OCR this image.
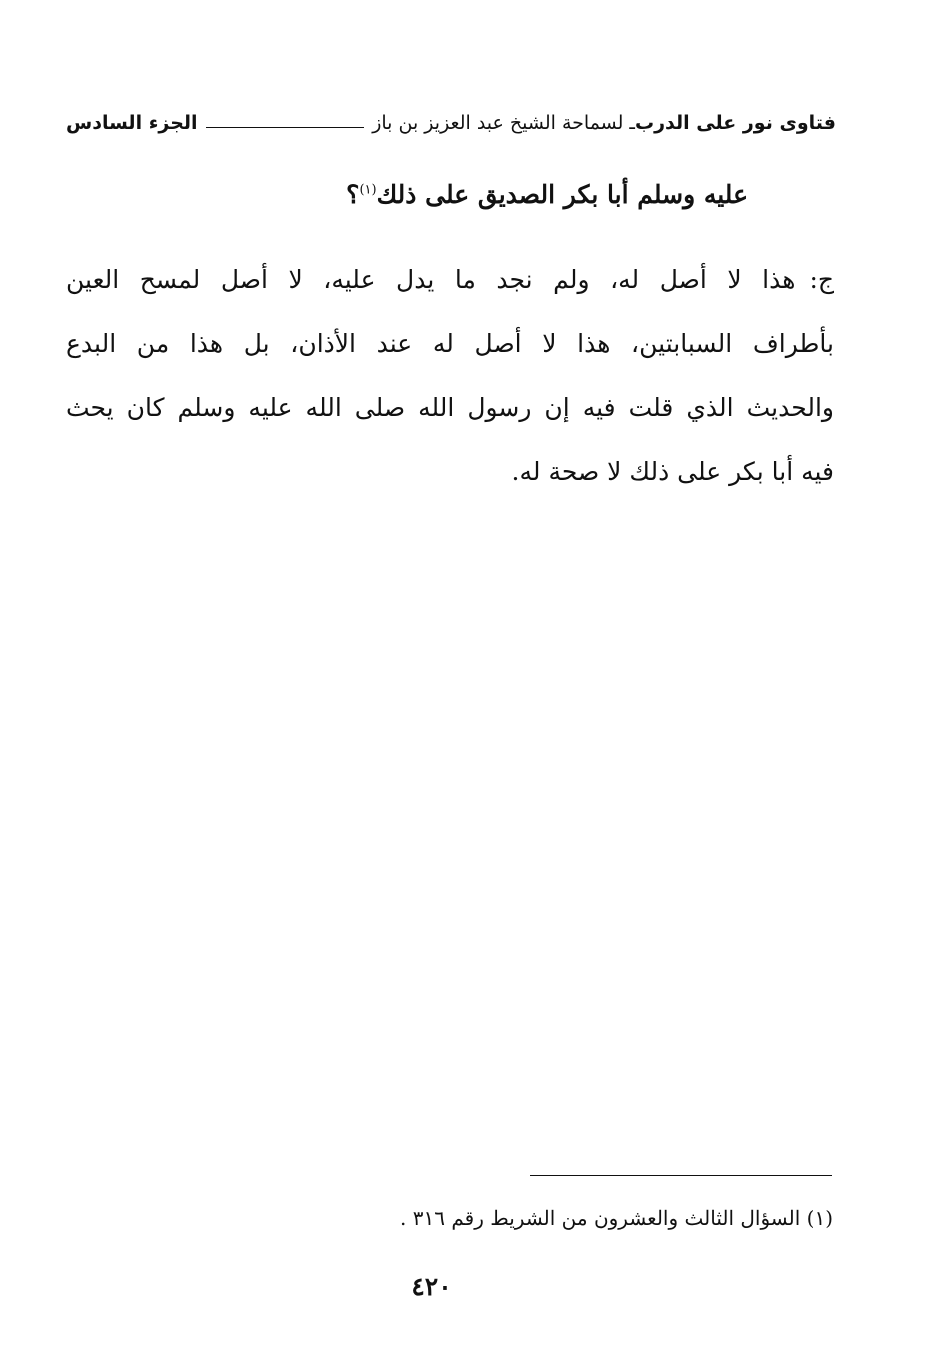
فتاوى نور على الدرب
ـ
لسماحة الشيخ عبد العزيز بن باز
الجزء السادس
عليه وسلم أبا بكر الصديق على ذلك$^{(١)}$؟
ج:هذا لا أصل له، ولم نجد ما يدل عليه، لا أصل لمسح العين
بأطراف السبابتين، هذا لا أصل له عند الأذان، بل هذا من البدع
والحديث الذي قلت فيه إن رسول الله صلى الله عليه وسلم كان يحث
فيه أبا بكر على ذلك لا صحة له.
(١) السؤال الثالث والعشرون من الشريط رقم ٣١٦ .
٤٢٠
